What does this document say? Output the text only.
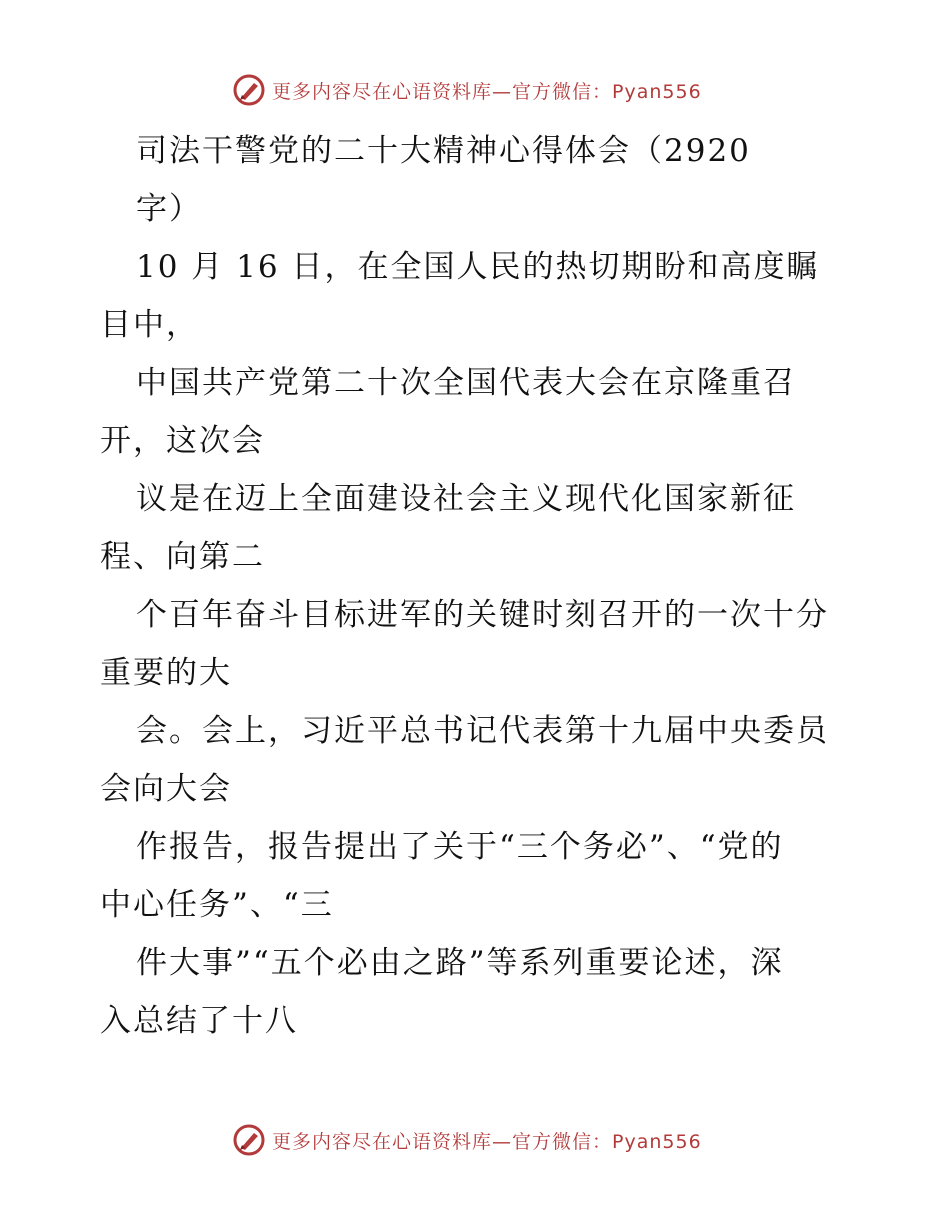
更多内容尽在心语资料库—官方微信：Pyan556
司法干警党的二十大精神心得体会（2920
字）
10 月 16 日，在全国人民的热切期盼和高度瞩
目中，
中国共产党第二十次全国代表大会在京隆重召
开，这次会
议是在迈上全面建设社会主义现代化国家新征
程、向第二
个百年奋斗目标进军的关键时刻召开的一次十分
重要的大
会。会上，习近平总书记代表第十九届中央委员
会向大会
作报告，报告提出了关于“三个务必”、“党的
中心任务”、“三
件大事”“五个必由之路”等系列重要论述，深
入总结了十八
更多内容尽在心语资料库—官方微信：Pyan556
